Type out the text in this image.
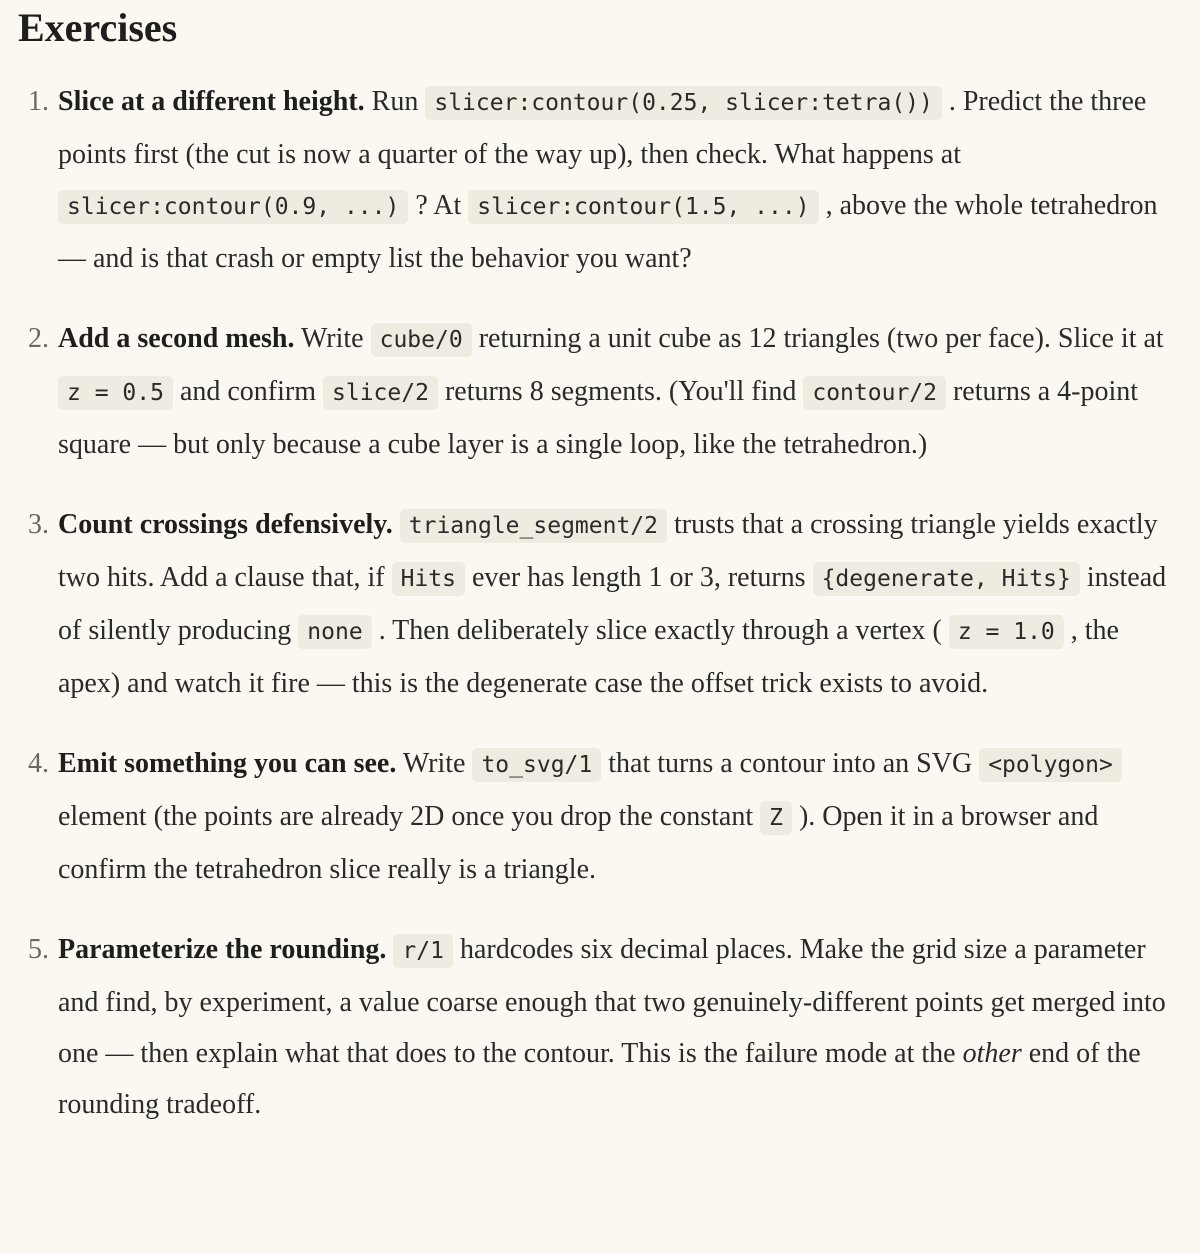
Exercises
1. Slice at a different height. Run slicer:contour(0.25, slicer:tetra()) . Predict the three points first (the cut is now a quarter of the way up), then check. What happens at slicer:contour(0.9, ...) ? At slicer:contour(1.5, ...) , above the whole tetrahedron — and is that crash or empty list the behavior you want?
2. Add a second mesh. Write cube/0 returning a unit cube as 12 triangles (two per face). Slice it at z = 0.5 and confirm slice/2 returns 8 segments. (You'll find contour/2 returns a 4-point square — but only because a cube layer is a single loop, like the tetrahedron.)
3. Count crossings defensively. triangle_segment/2 trusts that a crossing triangle yields exactly two hits. Add a clause that, if Hits ever has length 1 or 3, returns {degenerate, Hits} instead of silently producing none . Then deliberately slice exactly through a vertex ( z = 1.0 , the apex) and watch it fire — this is the degenerate case the offset trick exists to avoid.
4. Emit something you can see. Write to_svg/1 that turns a contour into an SVG <polygon> element (the points are already 2D once you drop the constant Z ). Open it in a browser and confirm the tetrahedron slice really is a triangle.
5. Parameterize the rounding. r/1 hardcodes six decimal places. Make the grid size a parameter and find, by experiment, a value coarse enough that two genuinely-different points get merged into one — then explain what that does to the contour. This is the failure mode at the other end of the rounding tradeoff.
